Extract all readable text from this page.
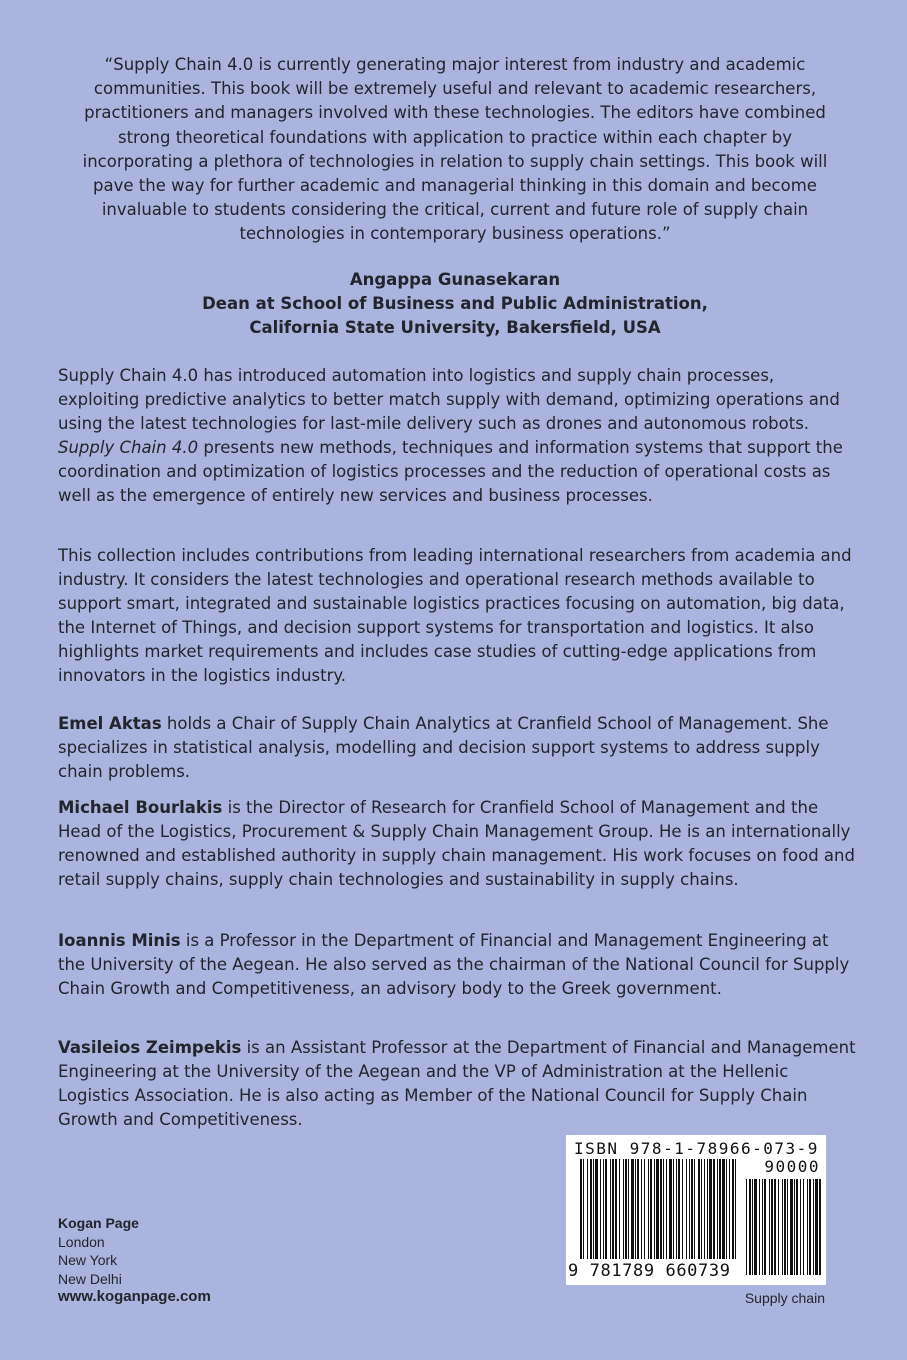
“Supply Chain 4.0 is currently generating major interest from industry and academic communities. This book will be extremely useful and relevant to academic researchers, practitioners and managers involved with these technologies. The editors have combined strong theoretical foundations with application to practice within each chapter by incorporating a plethora of technologies in relation to supply chain settings. This book will pave the way for further academic and managerial thinking in this domain and become invaluable to students considering the critical, current and future role of supply chain technologies in contemporary business operations.”

Angappa Gunasekaran
Dean at School of Business and Public Administration,
California State University, Bakersfield, USA

Supply Chain 4.0 has introduced automation into logistics and supply chain processes, exploiting predictive analytics to better match supply with demand, optimizing operations and using the latest technologies for last-mile delivery such as drones and autonomous robots. Supply Chain 4.0 presents new methods, techniques and information systems that support the coordination and optimization of logistics processes and the reduction of operational costs as well as the emergence of entirely new services and business processes.

This collection includes contributions from leading international researchers from academia and industry. It considers the latest technologies and operational research methods available to support smart, integrated and sustainable logistics practices focusing on automation, big data, the Internet of Things, and decision support systems for transportation and logistics. It also highlights market requirements and includes case studies of cutting-edge applications from innovators in the logistics industry.

Emel Aktas holds a Chair of Supply Chain Analytics at Cranfield School of Management. She specializes in statistical analysis, modelling and decision support systems to address supply chain problems.

Michael Bourlakis is the Director of Research for Cranfield School of Management and the Head of the Logistics, Procurement & Supply Chain Management Group. He is an internationally renowned and established authority in supply chain management. His work focuses on food and retail supply chains, supply chain technologies and sustainability in supply chains.

Ioannis Minis is a Professor in the Department of Financial and Management Engineering at the University of the Aegean. He also served as the chairman of the National Council for Supply Chain Growth and Competitiveness, an advisory body to the Greek government.

Vasileios Zeimpekis is an Assistant Professor at the Department of Financial and Management Engineering at the University of the Aegean and the VP of Administration at the Hellenic Logistics Association. He is also acting as Member of the National Council for Supply Chain Growth and Competitiveness.

Kogan Page
London
New York
New Delhi
www.koganpage.com
ISBN 978-1-78966-073-9
90000
9 781789 660739
Supply chain
